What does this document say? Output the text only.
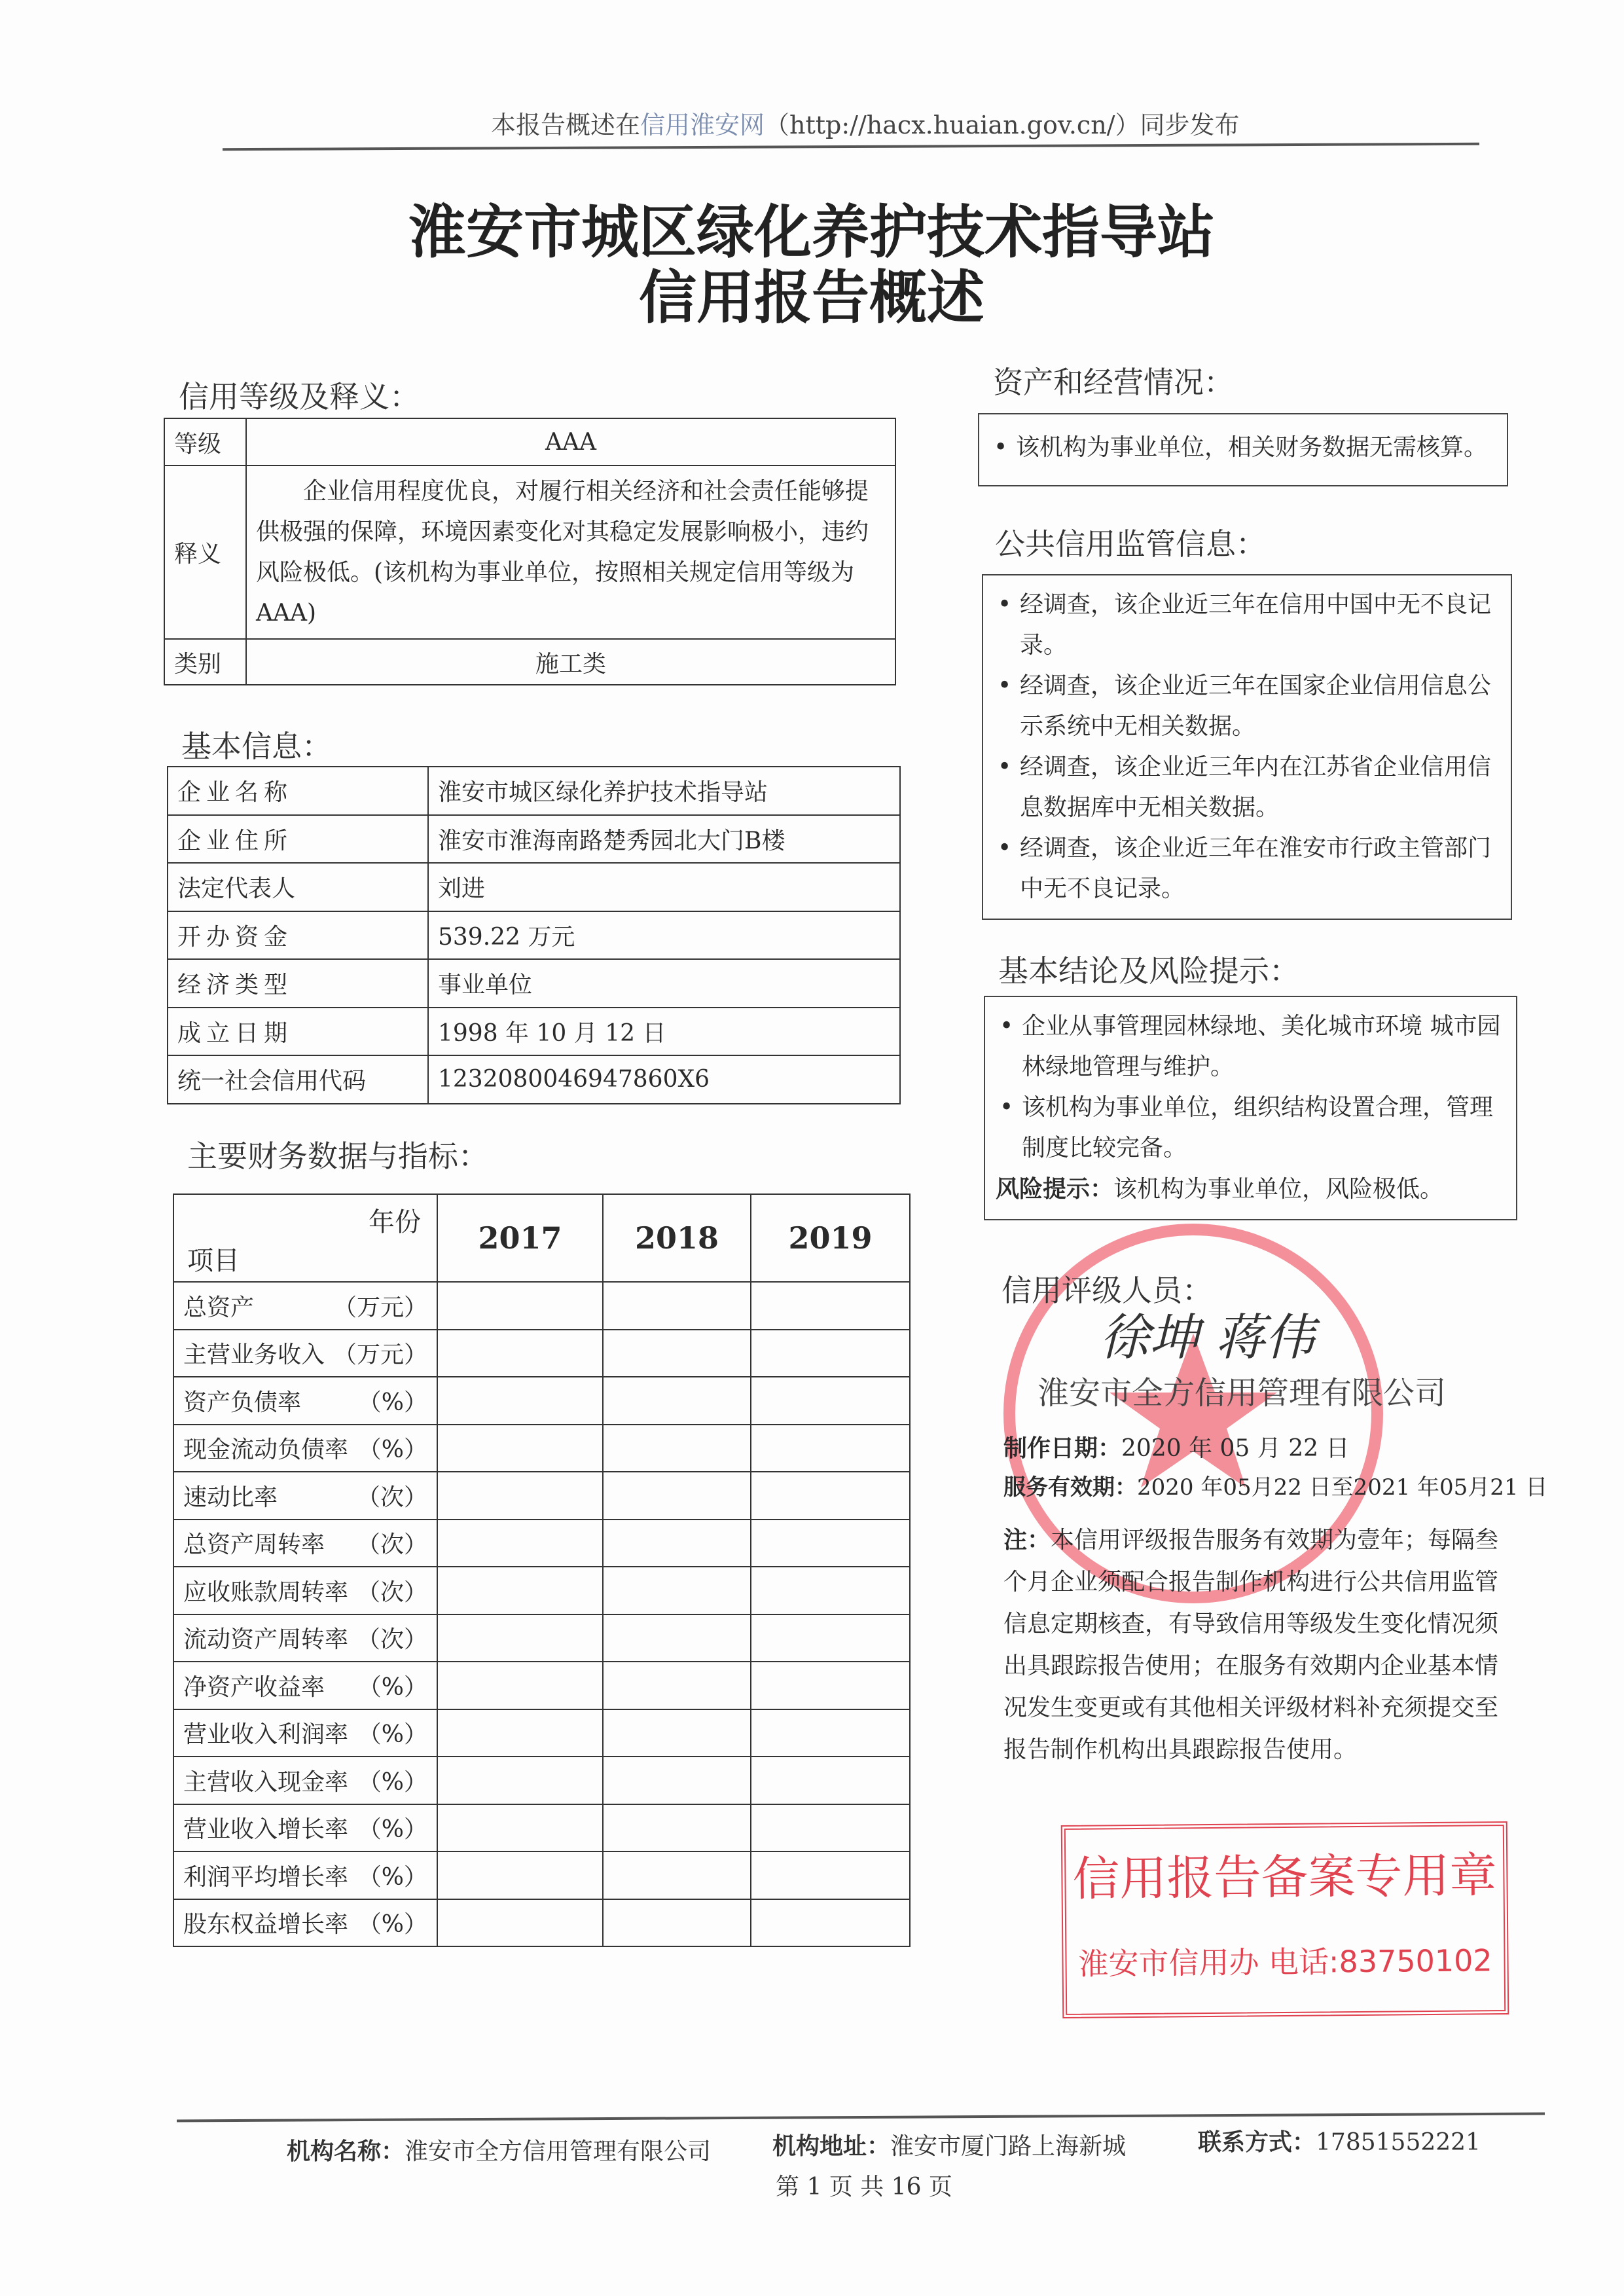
本报告概述在信用淮安网（http://hacx.huaian.gov.cn/）同步发布
淮安市城区绿化养护技术指导站
信用报告概述
信用等级及释义：
等级	AAA
释义	企业信用程度优良，对履行相关经济和社会责任能够提供极强的保障，环境因素变化对其稳定发展影响极小，违约风险极低。(该机构为事业单位，按照相关规定信用等级为AAA)
类别	施工类
基本信息：
企业名称	淮安市城区绿化养护技术指导站
企业住所	淮安市淮海南路楚秀园北大门B楼
法定代表人	刘进
开办资金	539.22 万元
经济类型	事业单位
成立日期	1998 年 10 月 12 日
统一社会信用代码	1232080046947860X6
主要财务数据与指标：
年份
项目	2017	2018	2019
总资产 （万元）			

主营业务收入 （万元）			

资产负债率 （%）			

现金流动负债率 （%）			

速动比率 （次）			

总资产周转率 （次）			

应收账款周转率 （次）			

流动资产周转率 （次）			

净资产收益率 （%）			

营业收入利润率 （%）			

主营收入现金率 （%）			

营业收入增长率 （%）			

利润平均增长率 （%）			

股东权益增长率 （%）			

资产和经营情况：
• 该机构为事业单位，相关财务数据无需核算。
公共信用监管信息：
• 经调查，该企业近三年在信用中国中无不良记录。
• 经调查，该企业近三年在国家企业信用信息公示系统中无相关数据。
• 经调查，该企业近三年内在江苏省企业信用信息数据库中无相关数据。
• 经调查，该企业近三年在淮安市行政主管部门中无不良记录。
基本结论及风险提示：
• 企业从事管理园林绿地、美化城市环境 城市园林绿地管理与维护。
• 该机构为事业单位，组织结构设置合理，管理制度比较完备。
风险提示：该机构为事业单位，风险极低。
信用评级人员：
徐坤 蒋伟
淮安市全方信用管理有限公司
制作日期：2020 年 05 月 22 日
服务有效期：2020 年05月22 日至2021 年05月21 日
注：本信用评级报告服务有效期为壹年；每隔叁个月企业须配合报告制作机构进行公共信用监管信息定期核查，有导致信用等级发生变化情况须出具跟踪报告使用；在服务有效期内企业基本情况发生变更或有其他相关评级材料补充须提交至报告制作机构出具跟踪报告使用。
信用报告备案专用章
淮安市信用办 电话:83750102
机构名称：淮安市全方信用管理有限公司	机构地址：淮安市厦门路上海新城	联系方式：17851552221
第 1 页 共 16 页
